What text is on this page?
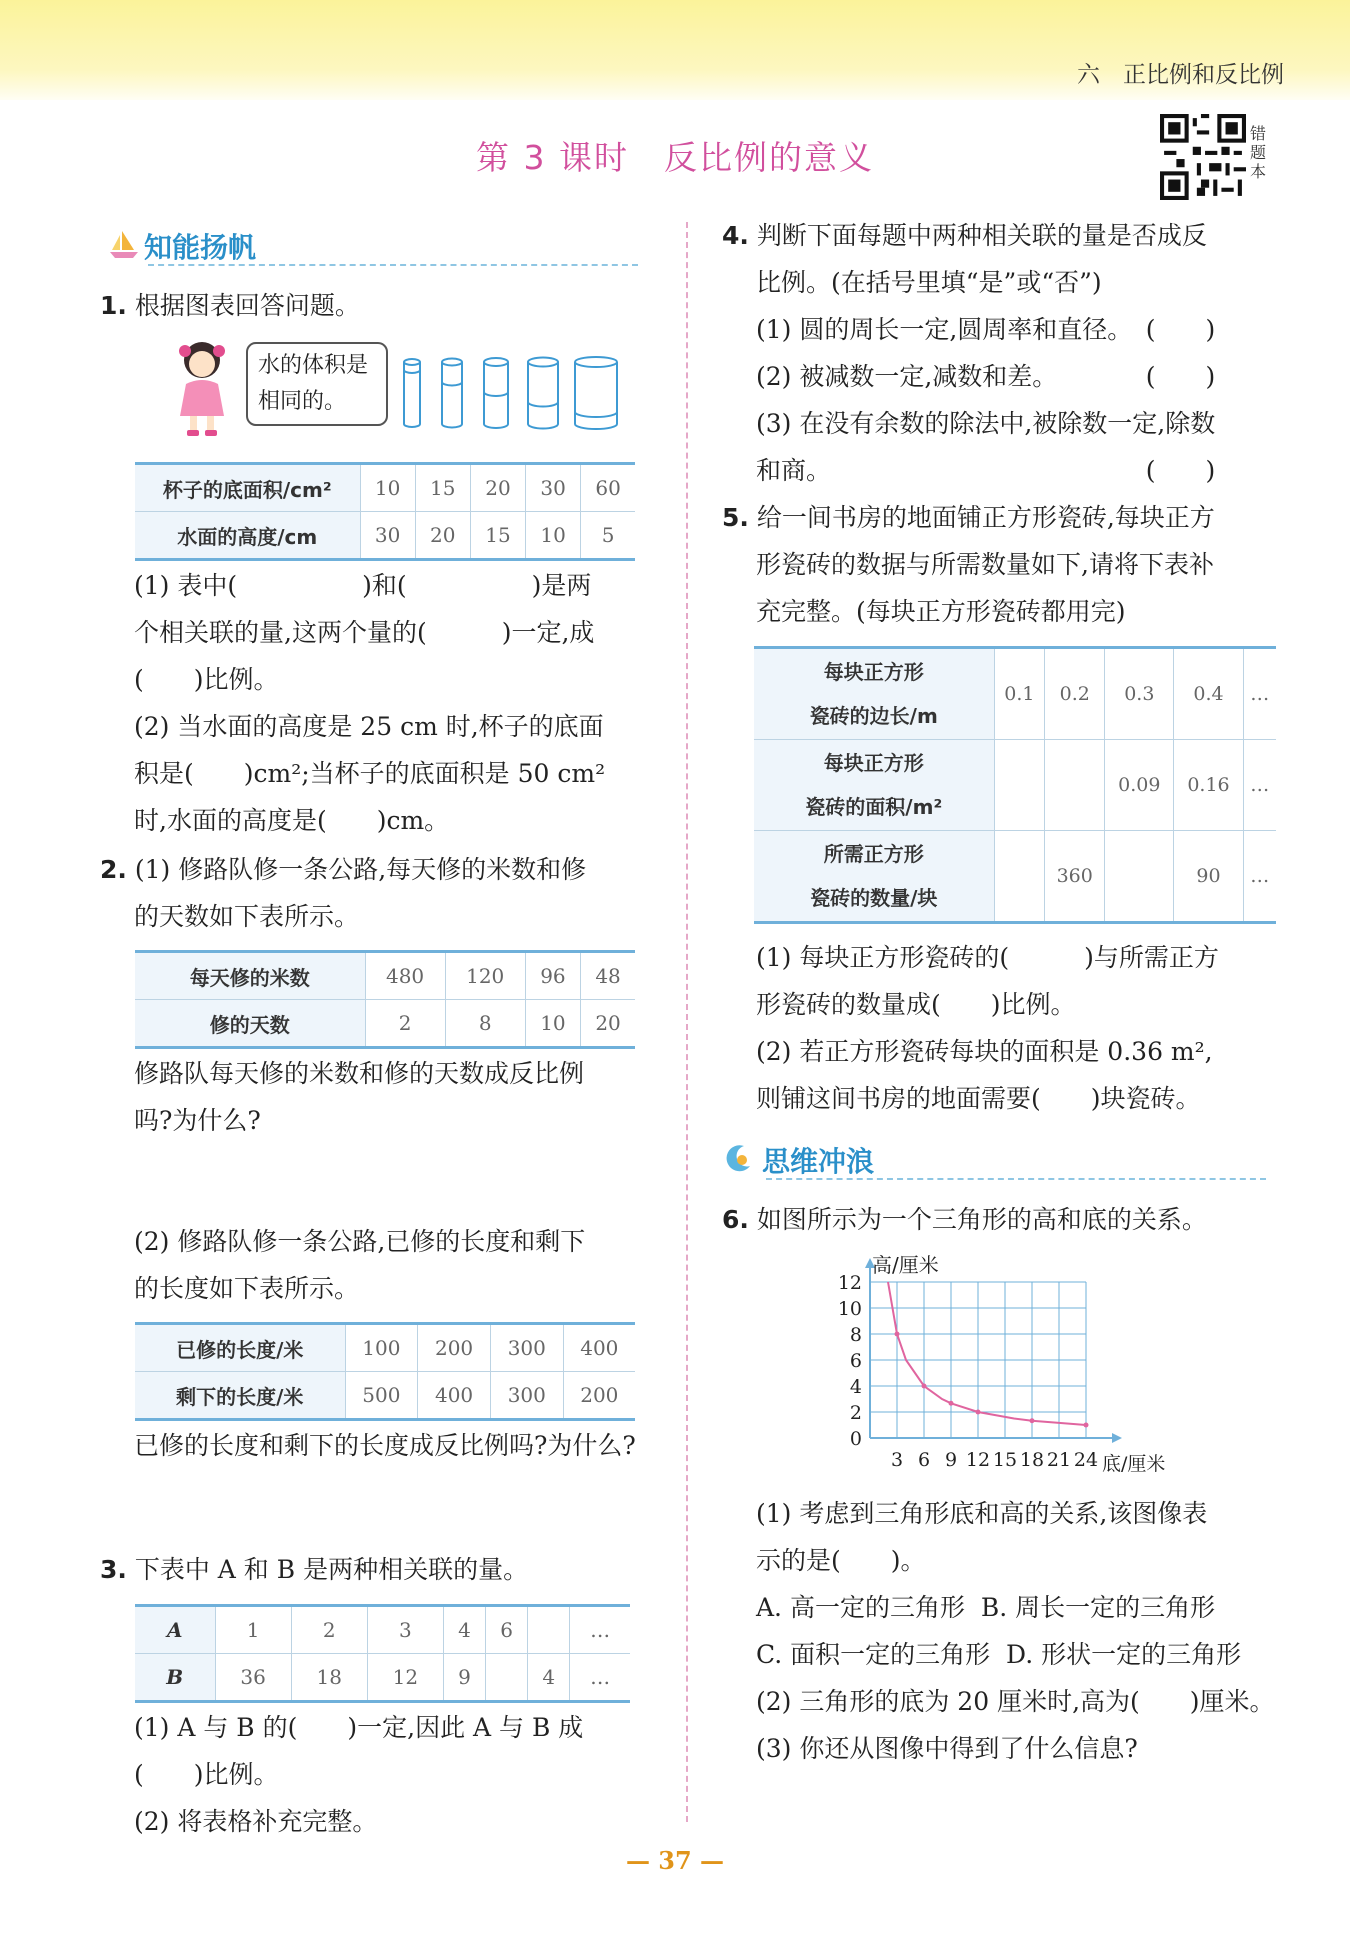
六　正比例和反比例
第 3 课时　反比例的意义
错题本
知能扬帆
1. 根据图表回答问题。
水的体积是
相同的。
杯子的底面积/cm²	10	15	20	30	60
水面的高度/cm	30	20	15	10	5
(1) 表中(　　　　　)和(　　　　　)是两
个相关联的量,这两个量的(　　　)一定,成
(　　)比例。
(2) 当水面的高度是 25 cm 时,杯子的底面
积是(　　)cm²;当杯子的底面积是 50 cm²
时,水面的高度是(　　)cm。
2. (1) 修路队修一条公路,每天修的米数和修
的天数如下表所示。
每天修的米数	480	120	96	48
修的天数	2	8	10	20
修路队每天修的米数和修的天数成反比例
吗?为什么?
(2) 修路队修一条公路,已修的长度和剩下
的长度如下表所示。
已修的长度/米	100	200	300	400
剩下的长度/米	500	400	300	200
已修的长度和剩下的长度成反比例吗?为什么?
3. 下表中 A 和 B 是两种相关联的量。
A	1	2	3	4	6		…
B	36	18	12	9		4	…
(1) A 与 B 的(　　)一定,因此 A 与 B 成
(　　)比例。
(2) 将表格补充完整。
4. 判断下面每题中两种相关联的量是否成反
比例。(在括号里填“是”或“否”)
(1) 圆的周长一定,圆周率和直径。 (　　)
(2) 被减数一定,减数和差。	(　　)
(3) 在没有余数的除法中,被除数一定,除数
和商。	(　　)
5. 给一间书房的地面铺正方形瓷砖,每块正方
形瓷砖的数据与所需数量如下,请将下表补
充完整。(每块正方形瓷砖都用完)
每块正方形
瓷砖的边长/m	0.1	0.2	0.3	0.4	…

每块正方形
瓷砖的面积/m²			0.09	0.16	…

所需正方形
瓷砖的数量/块		360		90	…
(1) 每块正方形瓷砖的(　　　)与所需正方
形瓷砖的数量成(　　)比例。
(2) 若正方形瓷砖每块的面积是 0.36 m²,
则铺这间书房的地面需要(　　)块瓷砖。
思维冲浪
6. 如图所示为一个三角形的高和底的关系。
0
2
4
6
8
10
12
3 6 9 12 15 18 21 24
高/厘米
底/厘米
(1) 考虑到三角形底和高的关系,该图像表
示的是(　　)。
A. 高一定的三角形 B. 周长一定的三角形
C. 面积一定的三角形 D. 形状一定的三角形
(2) 三角形的底为 20 厘米时,高为(　　)厘米。
(3) 你还从图像中得到了什么信息?
— 37 —
